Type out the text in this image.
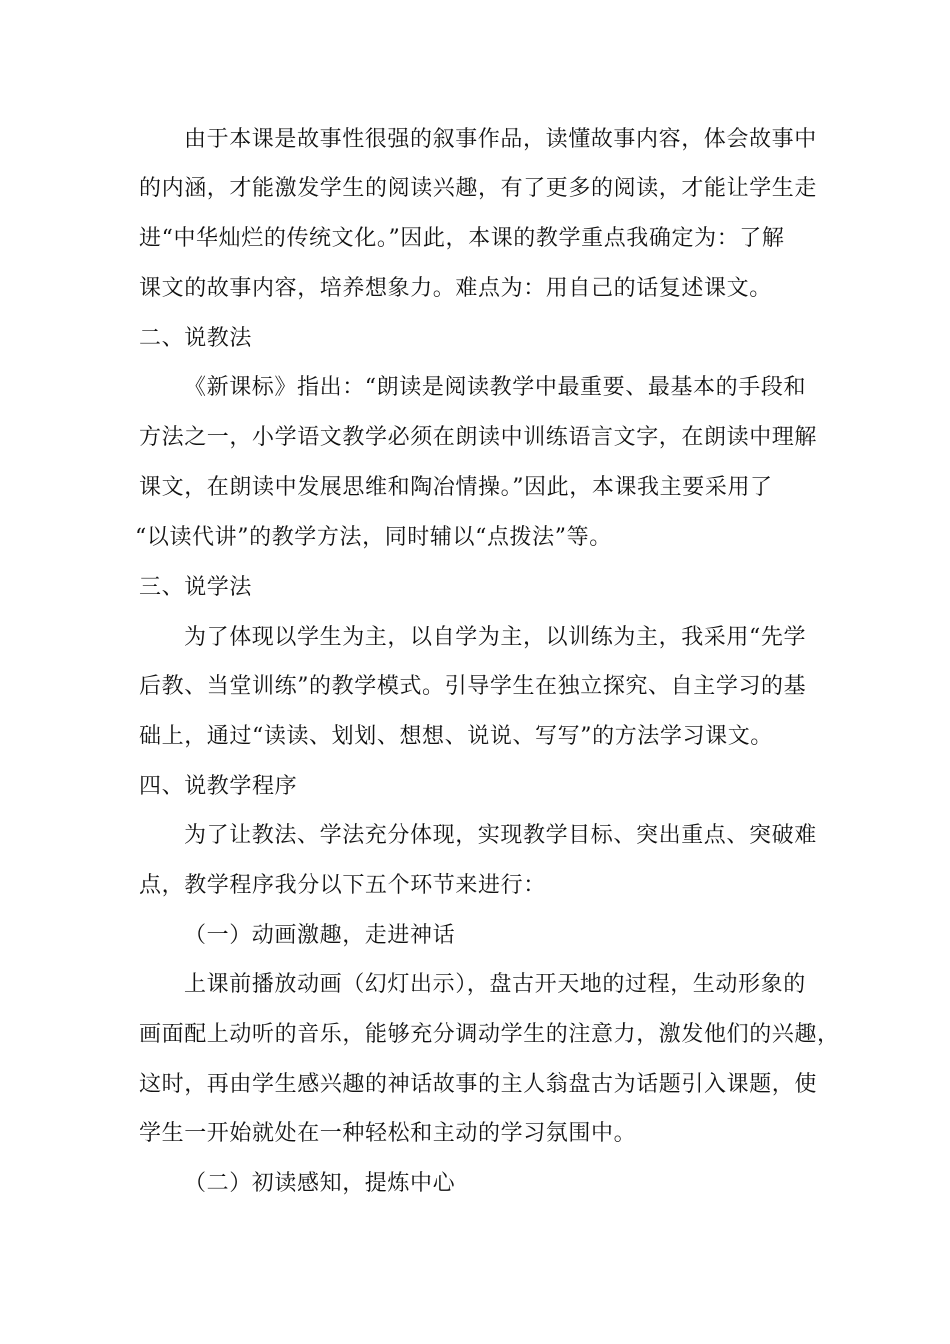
由于本课是故事性很强的叙事作品，读懂故事内容，体会故事中
的内涵，才能激发学生的阅读兴趣，有了更多的阅读，才能让学生走
进“中华灿烂的传统文化。”因此，本课的教学重点我确定为：了解
课文的故事内容，培养想象力。难点为：用自己的话复述课文。
二、说教法
《新课标》指出：“朗读是阅读教学中最重要、最基本的手段和
方法之一，小学语文教学必须在朗读中训练语言文字，在朗读中理解
课文，在朗读中发展思维和陶冶情操。”因此，本课我主要采用了
“以读代讲”的教学方法，同时辅以“点拨法”等。
三、说学法
为了体现以学生为主，以自学为主，以训练为主，我采用“先学
后教、当堂训练”的教学模式。引导学生在独立探究、自主学习的基
础上，通过“读读、划划、想想、说说、写写”的方法学习课文。
四、说教学程序
为了让教法、学法充分体现，实现教学目标、突出重点、突破难
点，教学程序我分以下五个环节来进行：
（一）动画激趣，走进神话
上课前播放动画（幻灯出示），盘古开天地的过程，生动形象的
画面配上动听的音乐，能够充分调动学生的注意力，激发他们的兴趣，
这时，再由学生感兴趣的神话故事的主人翁盘古为话题引入课题，使
学生一开始就处在一种轻松和主动的学习氛围中。
（二）初读感知，提炼中心
